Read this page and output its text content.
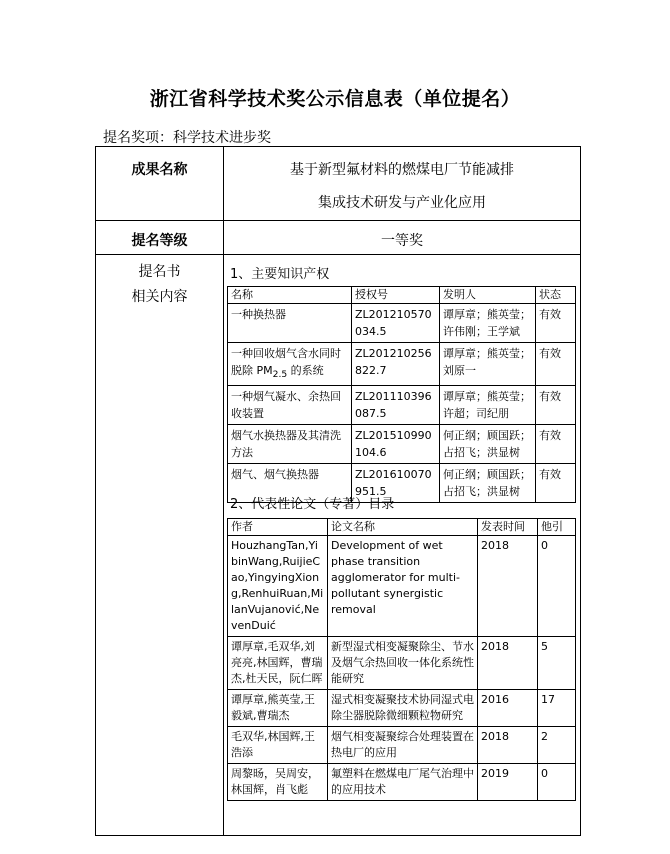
浙江省科学技术奖公示信息表（单位提名）
提名奖项：科学技术进步奖
成果名称	基于新型氟材料的燃煤电厂节能减排
集成技术研发与产业化应用
提名等级	一等奖
提名书
相关内容
1、主要知识产权
名称	授权号	发明人	状态
一种换热器	ZL201210570034.5	谭厚章；熊英莹；许伟刚；王学斌	有效
一种回收烟气含水同时脱除 $PM_{2.5}$ 的系统	ZL201210256822.7	谭厚章；熊英莹；刘原一	有效
一种烟气凝水、余热回收装置	ZL201110396087.5	谭厚章；熊英莹；许超；司纪朋	有效
烟气水换热器及其清洗方法	ZL201510990104.6	何正纲；顾国跃；占招飞；洪显树	有效
烟气、烟气换热器	ZL201610070951.5	何正纲；顾国跃；占招飞；洪显树	有效
2、代表性论文（专著）目录
作者	论文名称	发表时间	他引
HouzhangTan,YibinWang,RuijieCao,YingyingXiong,RenhuiRuan,MilanVujanović,NevenDuić	Development of wet phase transition agglomerator for multi-pollutant synergistic removal	2018	0
谭厚章,毛双华,刘亮亮,林国辉，曹瑞杰,杜天民，阮仁晖	新型湿式相变凝聚除尘、节水及烟气余热回收一体化系统性能研究	2018	5
谭厚章,熊英莹,王毅斌,曹瑞杰	湿式相变凝聚技术协同湿式电除尘器脱除微细颗粒物研究	2016	17
毛双华,林国辉,王浩添	烟气相变凝聚综合处理装置在热电厂的应用	2018	2
周黎旸，吴周安，林国辉，肖飞彪	氟塑料在燃煤电厂尾气治理中的应用技术	2019	0
